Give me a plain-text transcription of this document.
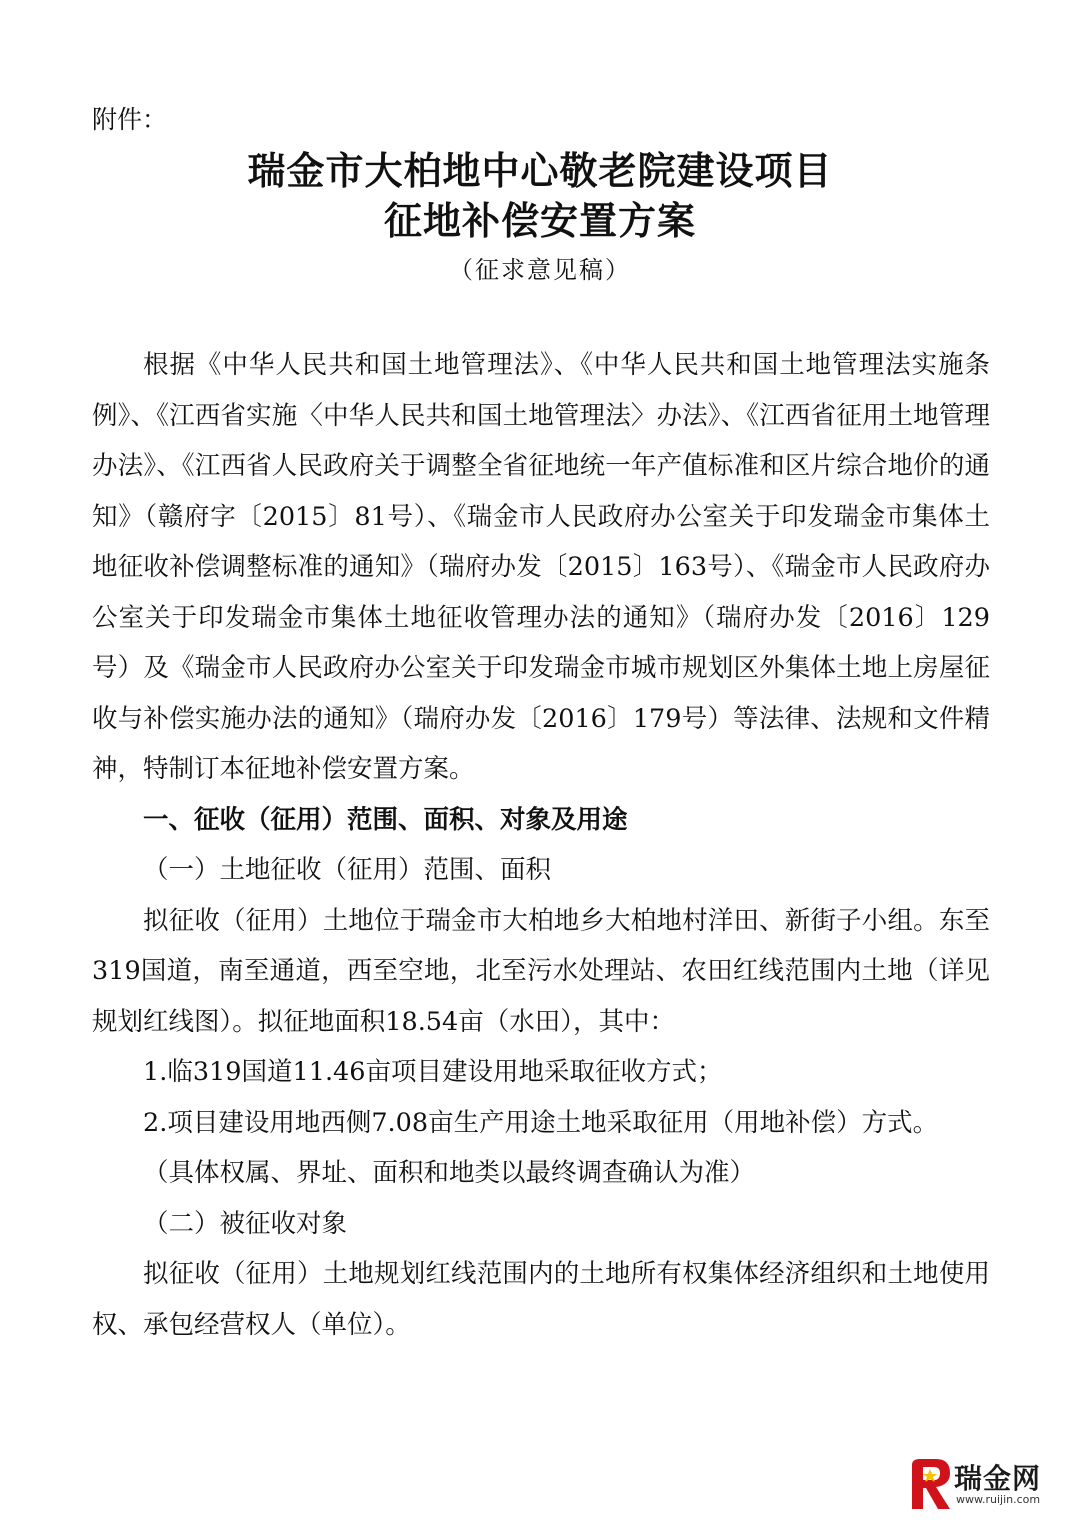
附件：
瑞金市大柏地中心敬老院建设项目
征地补偿安置方案
（征求意见稿）

根据《中华人民共和国土地管理法》、《中华人民共和国土地管理法实施条例》、《江西省实施〈中华人民共和国土地管理法〉办法》、《江西省征用土地管理办法》、《江西省人民政府关于调整全省征地统一年产值标准和区片综合地价的通知》（赣府字〔2015〕81号）、《瑞金市人民政府办公室关于印发瑞金市集体土地征收补偿调整标准的通知》（瑞府办发〔2015〕163号）、《瑞金市人民政府办公室关于印发瑞金市集体土地征收管理办法的通知》（瑞府办发〔2016〕129号）及《瑞金市人民政府办公室关于印发瑞金市城市规划区外集体土地上房屋征收与补偿实施办法的通知》（瑞府办发〔2016〕179号）等法律、法规和文件精神，特制订本征地补偿安置方案。

一、征收（征用）范围、面积、对象及用途

（一）土地征收（征用）范围、面积

拟征收（征用）土地位于瑞金市大柏地乡大柏地村洋田、新街子小组。东至319国道，南至通道，西至空地，北至污水处理站、农田红线范围内土地（详见规划红线图）。拟征地面积18.54亩（水田），其中：

1.临319国道11.46亩项目建设用地采取征收方式；

2.项目建设用地西侧7.08亩生产用途土地采取征用（用地补偿）方式。

（具体权属、界址、面积和地类以最终调查确认为准）

（二）被征收对象

拟征收（征用）土地规划红线范围内的土地所有权集体经济组织和土地使用权、承包经营权人（单位）。

瑞金网
www.ruijin.com
